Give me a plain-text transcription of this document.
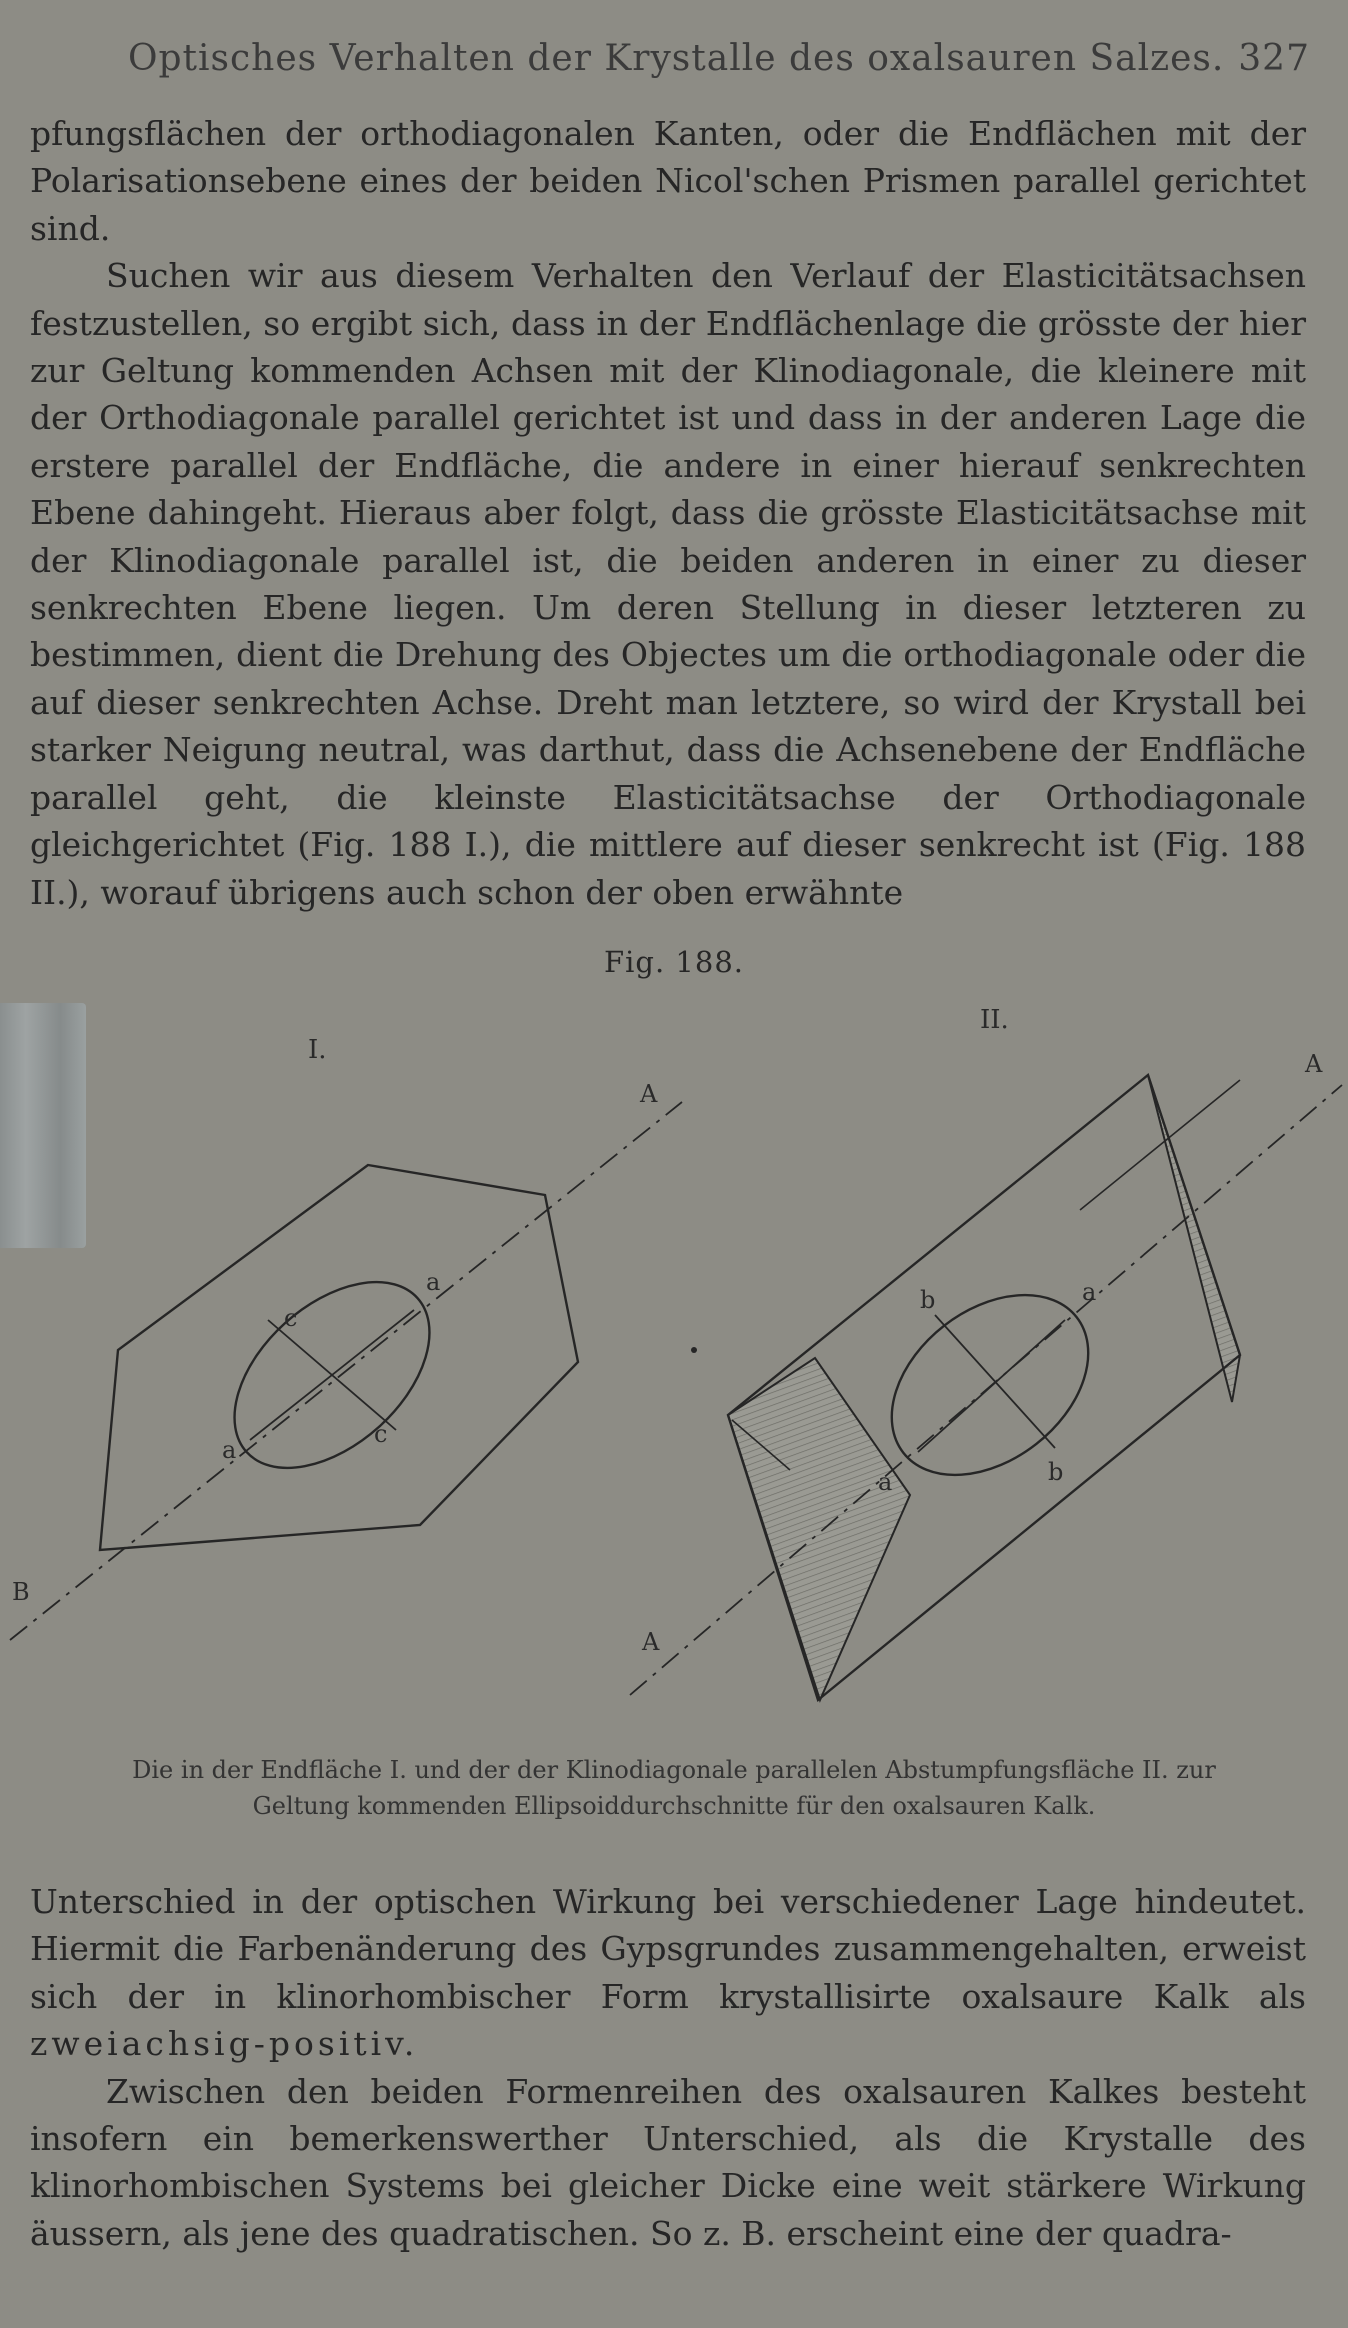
Optisches Verhalten der Krystalle des oxalsauren Salzes. 327

pfungsflächen der orthodiagonalen Kanten, oder die Endflächen mit der Polarisationsebene eines der beiden Nicol'schen Prismen parallel gerichtet sind.

Suchen wir aus diesem Verhalten den Verlauf der Elasticitätsachsen festzustellen, so ergibt sich, dass in der Endflächenlage die grösste der hier zur Geltung kommenden Achsen mit der Klinodiagonale, die kleinere mit der Orthodiagonale parallel gerichtet ist und dass in der anderen Lage die erstere parallel der Endfläche, die andere in einer hierauf senkrechten Ebene dahingeht. Hieraus aber folgt, dass die grösste Elasticitätsachse mit der Klinodiagonale parallel ist, die beiden anderen in einer zu dieser senkrechten Ebene liegen. Um deren Stellung in dieser letzteren zu bestimmen, dient die Drehung des Objectes um die orthodiagonale oder die auf dieser senkrechten Achse. Dreht man letztere, so wird der Krystall bei starker Neigung neutral, was darthut, dass die Achsenebene der Endfläche parallel geht, die kleinste Elasticitätsachse der Orthodiagonale gleichgerichtet (Fig. 188 I.), die mittlere auf dieser senkrecht ist (Fig. 188 II.), worauf übrigens auch schon der oben erwähnte

Fig. 188.
I.
A
B
a
a
c
c
II.
A
A
b
b
a
a
Die in der Endfläche I. und der der Klinodiagonale parallelen Abstumpfungsfläche II. zur
Geltung kommenden Ellipsoiddurchschnitte für den oxalsauren Kalk.

Unterschied in der optischen Wirkung bei verschiedener Lage hindeutet. Hiermit die Farbenänderung des Gypsgrundes zusammengehalten, erweist sich der in klinorhombischer Form krystallisirte oxalsaure Kalk als zweiachsig-positiv.

Zwischen den beiden Formenreihen des oxalsauren Kalkes besteht insofern ein bemerkenswerther Unterschied, als die Krystalle des klinorhombischen Systems bei gleicher Dicke eine weit stärkere Wirkung äussern, als jene des quadratischen. So z. B. erscheint eine der quadra-
